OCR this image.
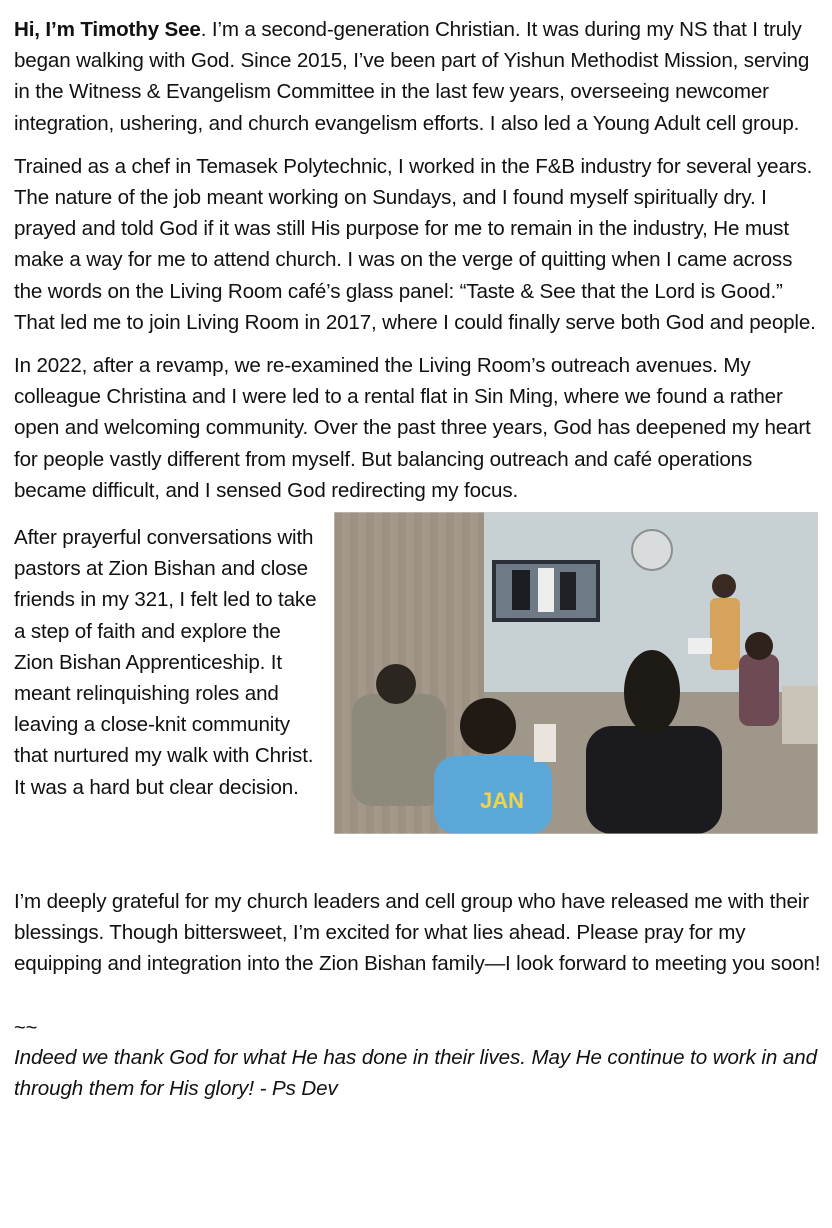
Hi, I’m Timothy See. I’m a second-generation Christian. It was during my NS that I truly began walking with God. Since 2015, I’ve been part of Yishun Methodist Mission, serving in the Witness & Evangelism Committee in the last few years, overseeing newcomer integration, ushering, and church evangelism efforts. I also led a Young Adult cell group.

Trained as a chef in Temasek Polytechnic, I worked in the F&B industry for several years. The nature of the job meant working on Sundays, and I found myself spiritually dry. I prayed and told God if it was still His purpose for me to remain in the industry, He must make a way for me to attend church. I was on the verge of quitting when I came across the words on the Living Room café’s glass panel: “Taste & See that the Lord is Good.” That led me to join Living Room in 2017, where I could finally serve both God and people.

In 2022, after a revamp, we re-examined the Living Room’s outreach avenues. My colleague Christina and I were led to a rental flat in Sin Ming, where we found a rather open and welcoming community. Over the past three years, God has deepened my heart for people vastly different from myself. But balancing outreach and café operations became difficult, and I sensed God redirecting my focus.

After prayerful conversations with pastors at Zion Bishan and close friends in my 321, I felt led to take a step of faith and explore the Zion Bishan Apprenticeship. It meant relinquishing roles and leaving a close-knit community that nurtured my walk with Christ. It was a hard but clear decision.

JAN

I’m deeply grateful for my church leaders and cell group who have released me with their blessings. Though bittersweet, I’m excited for what lies ahead. Please pray for my equipping and integration into the Zion Bishan family—I look forward to meeting you soon!

~~
Indeed we thank God for what He has done in their lives. May He continue to work in and through them for His glory! - Ps Dev
